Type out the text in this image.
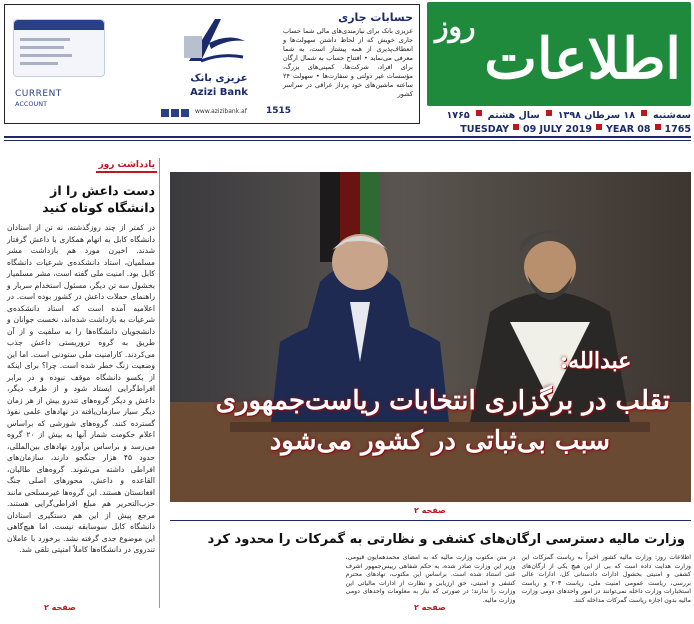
حسابات جاری
عزیزی بانک برای نیازمندی‌های مالی شما حساب جاری خویش که از لحاظ داشتن سهولت‌ها و انعطاف‌پذیری از همه پیشتاز است، به شما معرفی می‌نماید • افتتاح حساب به شمال ارگان برای افراد، شرکت‌ها، کمپنی‌های بزرگ، مؤسسات غیر دولتی و سفارت‌ها • سهولت ۲۴ ساعته ماشین‌های خود پرداز عراقی در سراسر کشور
عزیزی بانک
Azizi Bank
www.azizibank.af 1515
CURRENT
ACCOUNT
روز اطلاعات
سه‌شنبه
۱۸ سرطان ۱۳۹۸
سال هشتم
۱۷۶۵
TUESDAY 09 JULY 2019 YEAR 08 1765
یادداشت روز
دست داعش را از دانشگاه کوتاه کنید
در کمتر از چند روزگذشته، نه تن از استادان دانشگاه کابل به اتهام همکاری با داعش گرفتار شدند. اخیرن مورد هم بازداشت مشر مسلمیان، استاد دانشکده‌ی شرعیات دانشگاه کابل بود. امنیت ملی گفته است، مشر مسلمیار بخشول سه تن دیگر، مسئول استخدام سربار و راهنمای حملات داعش در کشور بوده است. در اعلامیه آمده است که استاد دانشکده‌ی شرعیات به بازداشت شده‌اند، نخست جوانان و دانشجویان دانشگاه‌ها را به سلفیت و از آن طریق به گروه تروریستی داعش جذب می‌کردند. کارامنیت ملی ستودنی است. اما این وضعیت زنگ خطر شده است. چرا؟ برای اینکه از یکسو دانشگاه موقف نبوده و در برابر افراط‌گرایی ایستاد شود و از طرف دیگر، داعش و دیگر گروه‌های تندرو بیش از هر زمان دیگر سیار سازمان‌یافته در نهادهای علمی نفوذ گسترده کنند. گروه‌های شورشی که براساس اعلام حکومت شمار آنها به بیش از ۲۰ گروه می‌رسد و براساس برآورد نهادهای بین‌المللی، حدود ۴۵ هزار جنگجو دارند، سازمان‌های افراطی داشته می‌شوند. گروه‌های طالبان، القاعده و داعش، محورهای اصلی جنگ افغانستان هستند. این گروه‌ها غیرمسلحی مانند حزب‌التحریر هم مبلغ افراطی‌گرایی هستند. مرجع پیش از این هم دستگیری استادان دانشگاه کابل سوسابقه نیست. اما هیچ‌گاهی این موضوع جدی گرفته نشد. برخورد با عاملان تندروی در دانشگاه‌ها کاملاً امنیتی تلقی شد.
صفحه ۲
عبدالله:
تقلب در برگزاری انتخابات ریاست‌جمهوری
سبب بی‌ثباتی در کشور می‌شود
صفحه ۲
وزارت مالیه دسترسی ارگان‌های کشفی و نظارتی به گمرکات را محدود کرد
اطلاعات روز: وزارت مالیه کشور اخیراً به ریاست گمرکات این وزارت هدایت داده است که بی از این هیچ یکی از ارگان‌های کشفی و امنیتی بخشول ادارات دادستانی کل، ادارات عالی بررسی، ریاست عمومی امنیت ملی، ریاست ۲۰۳ و ریاست استخبارات وزارت داخله نمی‌توانند در امور واحدهای دومی وزارت مالیه بدون اجازه ریاست گمرکات مداخله کنند.
در متن مکتوب وزارت مالیه که به امضای محمدهمایون قیومی، وزیر این وزارت صادر شده، به حکم شفاهی رییس‌جمهور اشرف غنی استناد شده است. براساس این مکتوب، نهادهای محترم کشفی و امنیتی، حق ارزیابی و نظارت از ادارات مالیاتی این وزارت را ندارند؛ در صورتی که نیاز به معلومات واحدهای دومی وزارت مالیه.
صفحه ۲
